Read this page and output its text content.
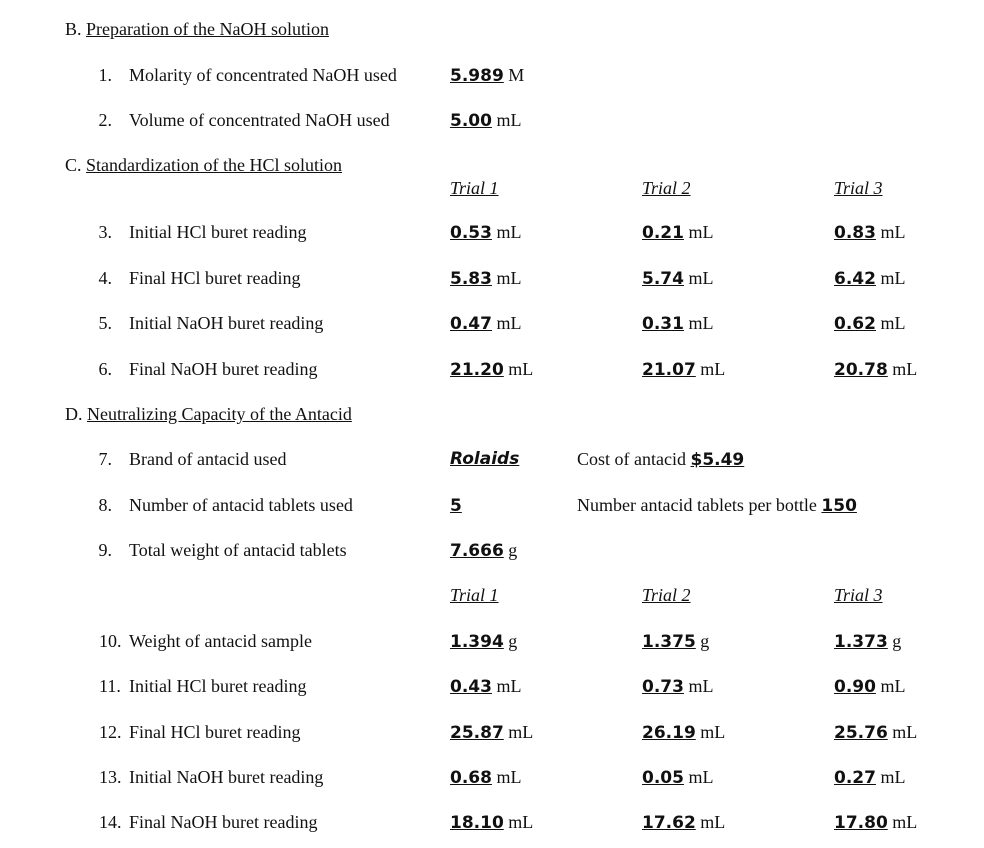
B. Preparation of the NaOH solution
1. Molarity of concentrated NaOH used	5.989 M
2. Volume of concentrated NaOH used	5.00 mL
C. Standardization of the HCl solution
Trial 1	Trial 2	Trial 3
3. Initial HCl buret reading	0.53 mL	0.21 mL	0.83 mL
4. Final HCl buret reading	5.83 mL	5.74 mL	6.42 mL
5. Initial NaOH buret reading	0.47 mL	0.31 mL	0.62 mL
6. Final NaOH buret reading	21.20 mL	21.07 mL	20.78 mL
D. Neutralizing Capacity of the Antacid
7. Brand of antacid used	Rolaids	Cost of antacid $5.49
8. Number of antacid tablets used	5	Number antacid tablets per bottle 150
9. Total weight of antacid tablets	7.666 g
Trial 1	Trial 2	Trial 3
10. Weight of antacid sample	1.394 g	1.375 g	1.373 g
11. Initial HCl buret reading	0.43 mL	0.73 mL	0.90 mL
12. Final HCl buret reading	25.87 mL	26.19 mL	25.76 mL
13. Initial NaOH buret reading	0.68 mL	0.05 mL	0.27 mL
14. Final NaOH buret reading	18.10 mL	17.62 mL	17.80 mL
